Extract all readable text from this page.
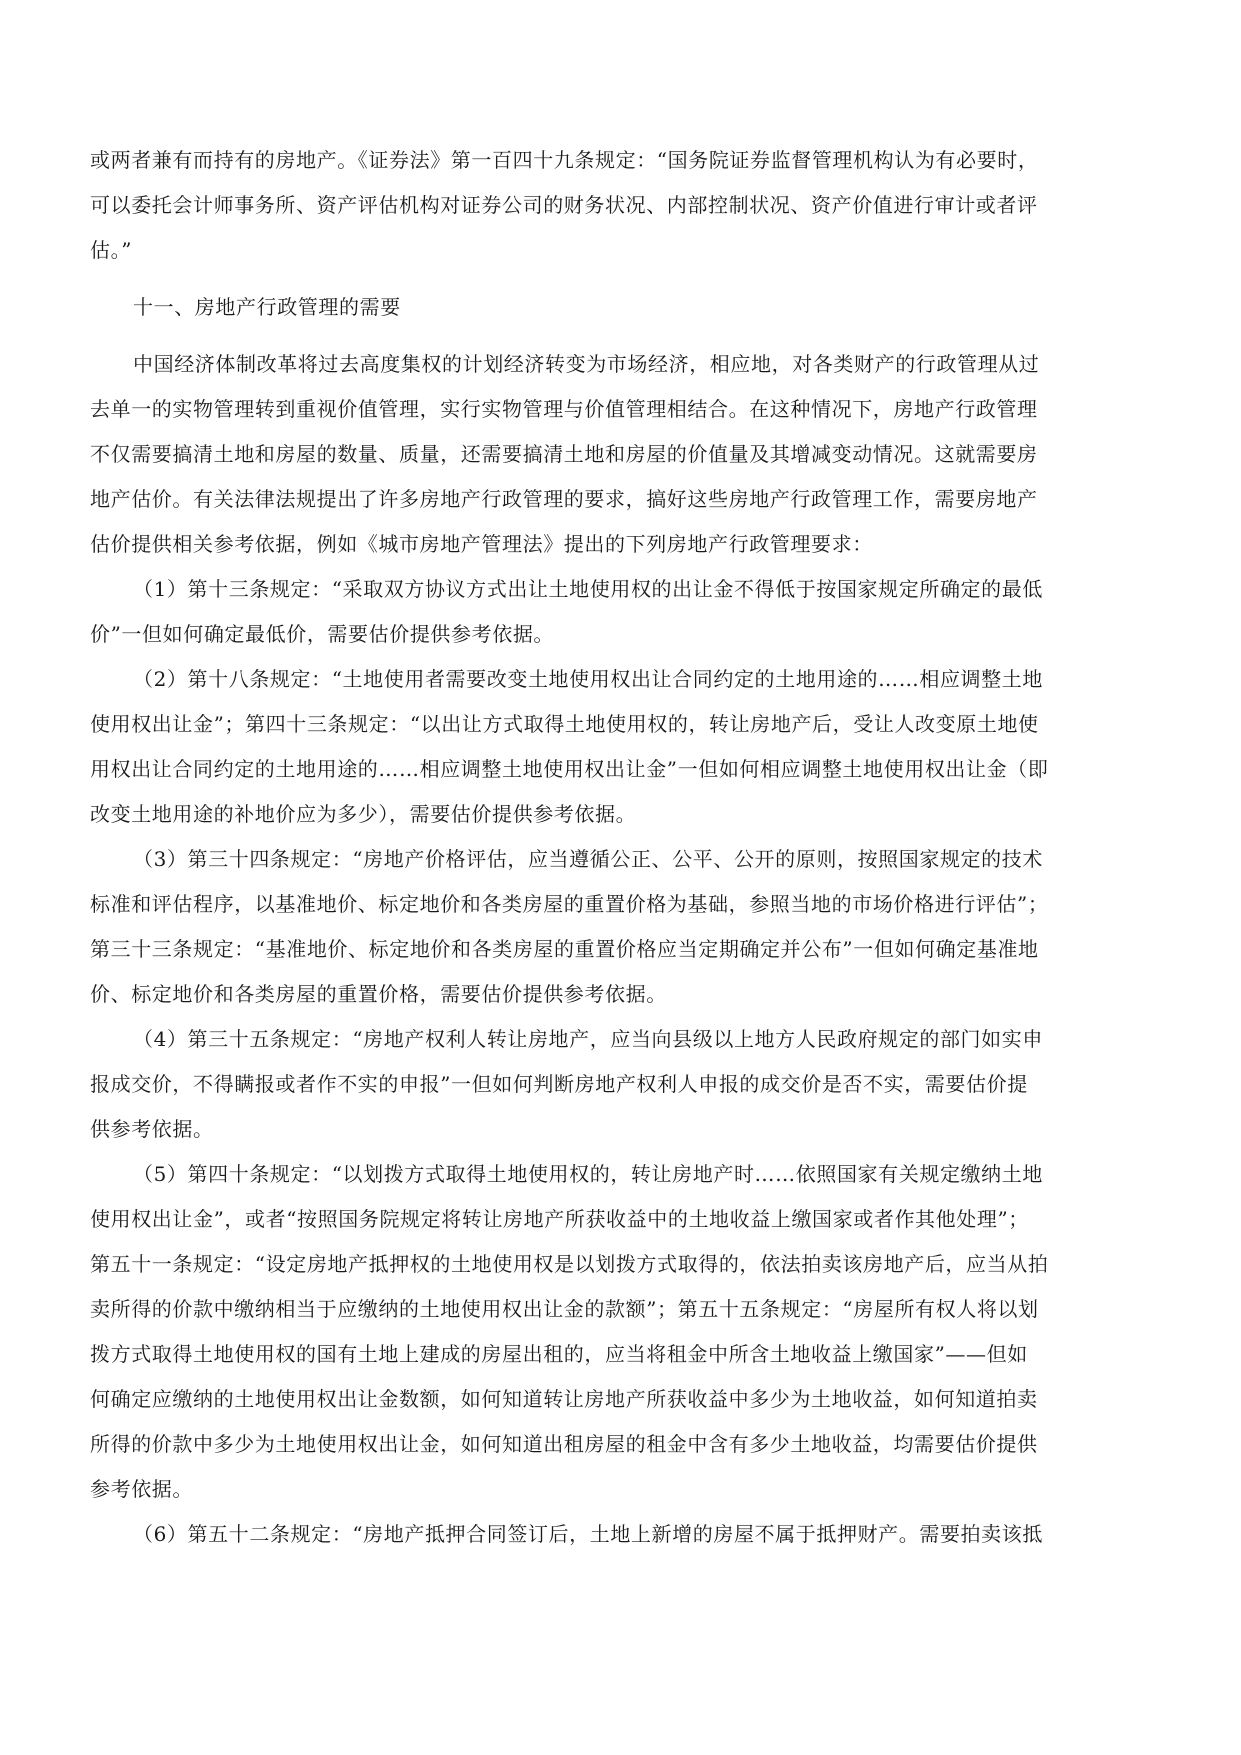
或两者兼有而持有的房地产。《证券法》第一百四十九条规定：“国务院证券监督管理机构认为有必要时，
可以委托会计师事务所、资产评估机构对证券公司的财务状况、内部控制状况、资产价值进行审计或者评
估。”
十一、房地产行政管理的需要
中国经济体制改革将过去高度集权的计划经济转变为市场经济，相应地，对各类财产的行政管理从过
去单一的实物管理转到重视价值管理，实行实物管理与价值管理相结合。在这种情况下，房地产行政管理
不仅需要搞清土地和房屋的数量、质量，还需要搞清土地和房屋的价值量及其增减变动情况。这就需要房
地产估价。有关法律法规提出了许多房地产行政管理的要求，搞好这些房地产行政管理工作，需要房地产
估价提供相关参考依据，例如《城市房地产管理法》提出的下列房地产行政管理要求：
（1）第十三条规定：“采取双方协议方式出让土地使用权的出让金不得低于按国家规定所确定的最低
价”一但如何确定最低价，需要估价提供参考依据。
（2）第十八条规定：“土地使用者需要改变土地使用权出让合同约定的土地用途的……相应调整土地
使用权出让金”；第四十三条规定：“以出让方式取得土地使用权的，转让房地产后，受让人改变原土地使
用权出让合同约定的土地用途的……相应调整土地使用权出让金”一但如何相应调整土地使用权出让金（即
改变土地用途的补地价应为多少），需要估价提供参考依据。
（3）第三十四条规定：“房地产价格评估，应当遵循公正、公平、公开的原则，按照国家规定的技术
标准和评估程序，以基准地价、标定地价和各类房屋的重置价格为基础，参照当地的市场价格进行评估”；
第三十三条规定：“基准地价、标定地价和各类房屋的重置价格应当定期确定并公布”一但如何确定基准地
价、标定地价和各类房屋的重置价格，需要估价提供参考依据。
（4）第三十五条规定：“房地产权利人转让房地产，应当向县级以上地方人民政府规定的部门如实申
报成交价，不得瞒报或者作不实的申报”一但如何判断房地产权利人申报的成交价是否不实，需要估价提
供参考依据。
（5）第四十条规定：“以划拨方式取得土地使用权的，转让房地产时……依照国家有关规定缴纳土地
使用权出让金”，或者“按照国务院规定将转让房地产所获收益中的土地收益上缴国家或者作其他处理”；
第五十一条规定：“设定房地产抵押权的土地使用权是以划拨方式取得的，依法拍卖该房地产后，应当从拍
卖所得的价款中缴纳相当于应缴纳的土地使用权出让金的款额”；第五十五条规定：“房屋所有权人将以划
拨方式取得土地使用权的国有土地上建成的房屋出租的，应当将租金中所含土地收益上缴国家”——但如
何确定应缴纳的土地使用权出让金数额，如何知道转让房地产所获收益中多少为土地收益，如何知道拍卖
所得的价款中多少为土地使用权出让金，如何知道出租房屋的租金中含有多少土地收益，均需要估价提供
参考依据。
（6）第五十二条规定：“房地产抵押合同签订后，土地上新增的房屋不属于抵押财产。需要拍卖该抵
